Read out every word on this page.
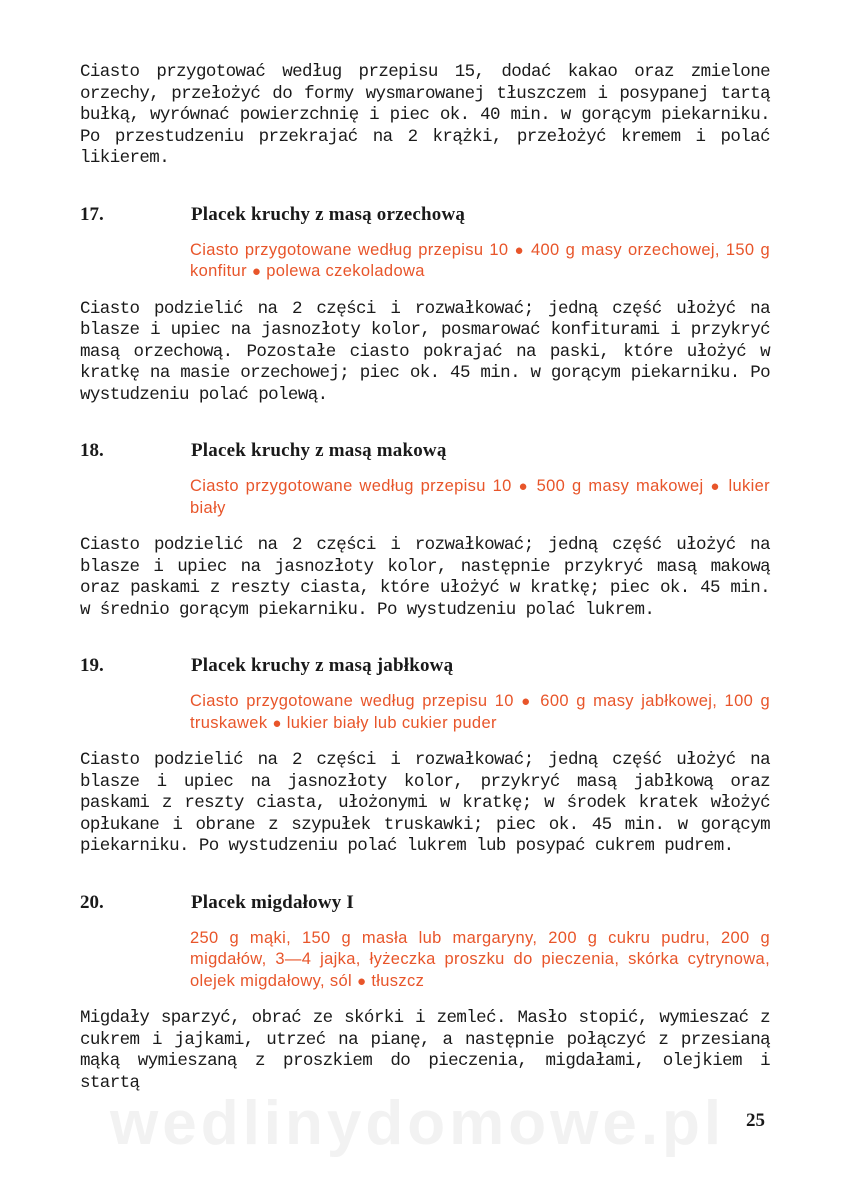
wedlinydomowe.pl

Ciasto przygotować według przepisu 15, dodać kakao oraz zmielone orzechy, przełożyć do formy wysmarowanej tłuszczem i posypanej tartą bułką, wyrównać powierzchnię i piec ok. 40 min. w gorącym piekarniku. Po przestudzeniu przekrajać na 2 krążki, przełożyć kremem i polać likierem.

17.	Placek kruchy z masą orzechową
Ciasto przygotowane według przepisu 10 ● 400 g masy orzechowej, 150 g konfitur ● polewa czekoladowa

Ciasto podzielić na 2 części i rozwałkować; jedną część ułożyć na blasze i upiec na jasnozłoty kolor, posmarować konfiturami i przykryć masą orzechową. Pozostałe ciasto pokrajać na paski, które ułożyć w kratkę na masie orzechowej; piec ok. 45 min. w gorącym piekarniku. Po wystudzeniu polać polewą.

18.	Placek kruchy z masą makową
Ciasto przygotowane według przepisu 10 ● 500 g masy makowej ● lukier biały

Ciasto podzielić na 2 części i rozwałkować; jedną część ułożyć na blasze i upiec na jasnozłoty kolor, następnie przykryć masą makową oraz paskami z reszty ciasta, które ułożyć w kratkę; piec ok. 45 min. w średnio gorącym piekarniku. Po wystudzeniu polać lukrem.

19.	Placek kruchy z masą jabłkową
Ciasto przygotowane według przepisu 10 ● 600 g masy jabłkowej, 100 g truskawek ● lukier biały lub cukier puder

Ciasto podzielić na 2 części i rozwałkować; jedną część ułożyć na blasze i upiec na jasnozłoty kolor, przykryć masą jabłkową oraz paskami z reszty ciasta, ułożonymi w kratkę; w środek kratek włożyć opłukane i obrane z szypułek truskawki; piec ok. 45 min. w gorącym piekarniku. Po wystudzeniu polać lukrem lub posypać cukrem pudrem.

20.	Placek migdałowy I
250 g mąki, 150 g masła lub margaryny, 200 g cukru pudru, 200 g migdałów, 3—4 jajka, łyżeczka proszku do pieczenia, skórka cytrynowa, olejek migdałowy, sól ● tłuszcz

Migdały sparzyć, obrać ze skórki i zemleć. Masło stopić, wymieszać z cukrem i jajkami, utrzeć na pianę, a następnie połączyć z przesianą mąką wymieszaną z proszkiem do pieczenia, migdałami, olejkiem i startą

25
